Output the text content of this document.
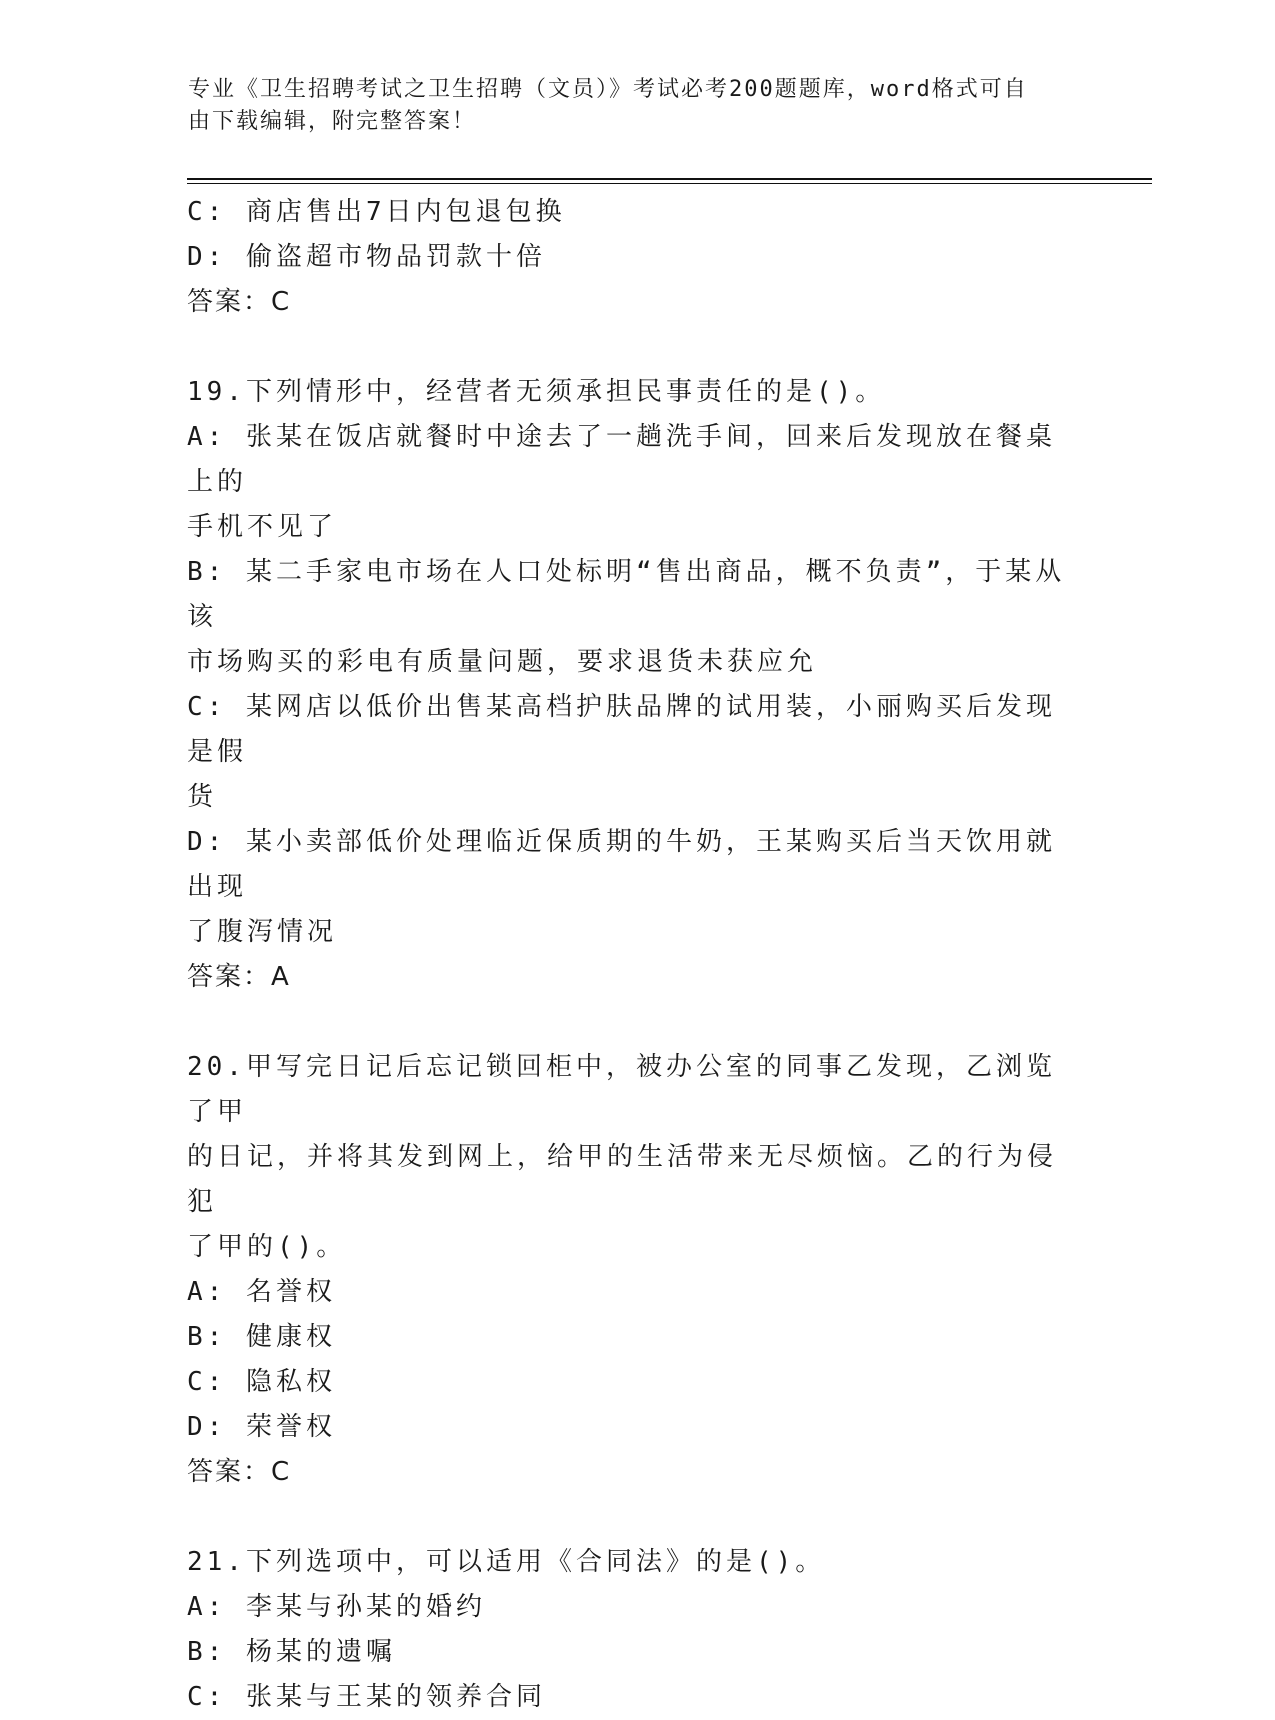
专业《卫生招聘考试之卫生招聘（文员）》考试必考200题题库，word格式可自
由下载编辑，附完整答案！

C: 商店售出7日内包退包换

D: 偷盗超市物品罚款十倍

答案：C

19.下列情形中，经营者无须承担民事责任的是()。

A: 张某在饭店就餐时中途去了一趟洗手间，回来后发现放在餐桌上的

手机不见了

B: 某二手家电市场在人口处标明“售出商品，概不负责”，于某从该

市场购买的彩电有质量问题，要求退货未获应允

C: 某网店以低价出售某高档护肤品牌的试用装，小丽购买后发现是假

货

D: 某小卖部低价处理临近保质期的牛奶，王某购买后当天饮用就出现

了腹泻情况

答案：A

20.甲写完日记后忘记锁回柜中，被办公室的同事乙发现，乙浏览了甲

的日记，并将其发到网上，给甲的生活带来无尽烦恼。乙的行为侵犯

了甲的()。

A: 名誉权

B: 健康权

C: 隐私权

D: 荣誉权

答案：C

21.下列选项中，可以适用《合同法》的是()。

A: 李某与孙某的婚约

B: 杨某的遗嘱

C: 张某与王某的领养合同
